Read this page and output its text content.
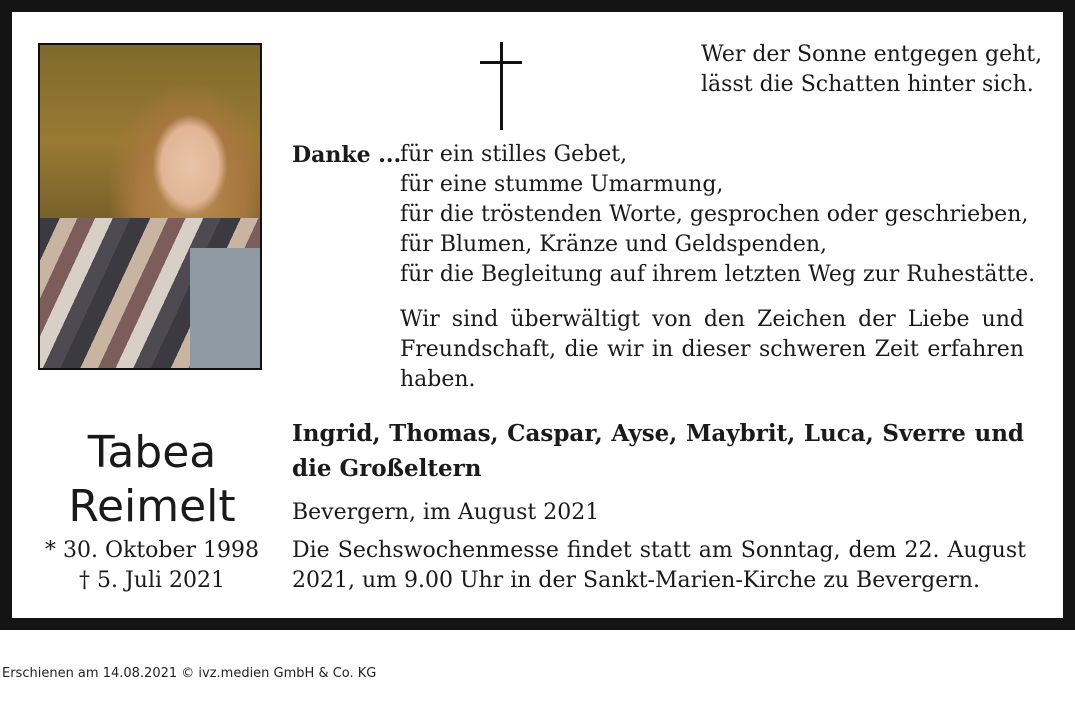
Wer der Sonne entgegen geht,
lässt die Schatten hinter sich.
Danke ...
für ein stilles Gebet,
für eine stumme Umarmung,
für die tröstenden Worte, gesprochen oder geschrieben,
für Blumen, Kränze und Geldspenden,
für die Begleitung auf ihrem letzten Weg zur Ruhestätte.
Wir sind überwältigt von den Zeichen der Liebe und Freundschaft, die wir in dieser schweren Zeit erfahren haben.
Ingrid, Thomas, Caspar, Ayse, Maybrit, Luca, Sverre und die Großeltern
Bevergern, im August 2021
Die Sechswochenmesse findet statt am Sonntag, dem 22. August 2021, um 9.00 Uhr in der Sankt-Marien-Kirche zu Bevergern.
Tabea
Reimelt
* 30. Oktober 1998
† 5. Juli 2021
Erschienen am 14.08.2021 © ivz.medien GmbH & Co. KG
